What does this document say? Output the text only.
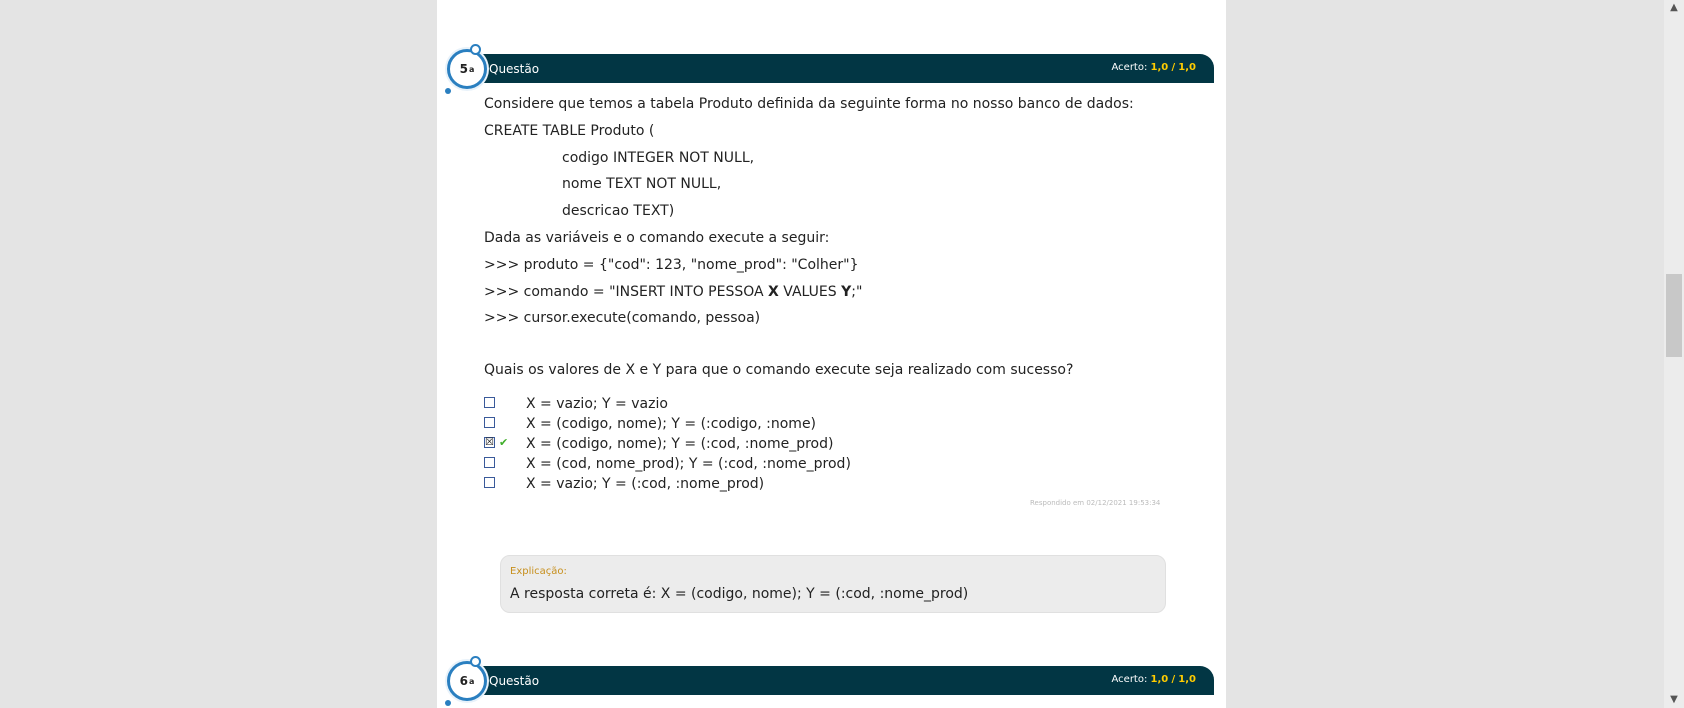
Questão	Acerto: 1,0 / 1,0
5 a
Considere que temos a tabela Produto definida da seguinte forma no nosso banco de dados:
CREATE TABLE Produto (
codigo INTEGER NOT NULL,
nome TEXT NOT NULL,
descricao TEXT)
Dada as variáveis e o comando execute a seguir:
>>> produto = {"cod": 123, "nome_prod": "Colher"}
>>> comando = "INSERT INTO PESSOA X VALUES Y;"
>>> cursor.execute(comando, pessoa)
Quais os valores de X e Y para que o comando execute seja realizado com sucesso?
X = vazio; Y = vazio
X = (codigo, nome); Y = (:codigo, :nome)
☒ ✔ X = (codigo, nome); Y = (:cod, :nome_prod)
X = (cod, nome_prod); Y = (:cod, :nome_prod)
X = vazio; Y = (:cod, :nome_prod)
Respondido em 02/12/2021 19:53:34
Explicação:
A resposta correta é: X = (codigo, nome); Y = (:cod, :nome_prod)
Questão	Acerto: 1,0 / 1,0
6 a
▲
▼
